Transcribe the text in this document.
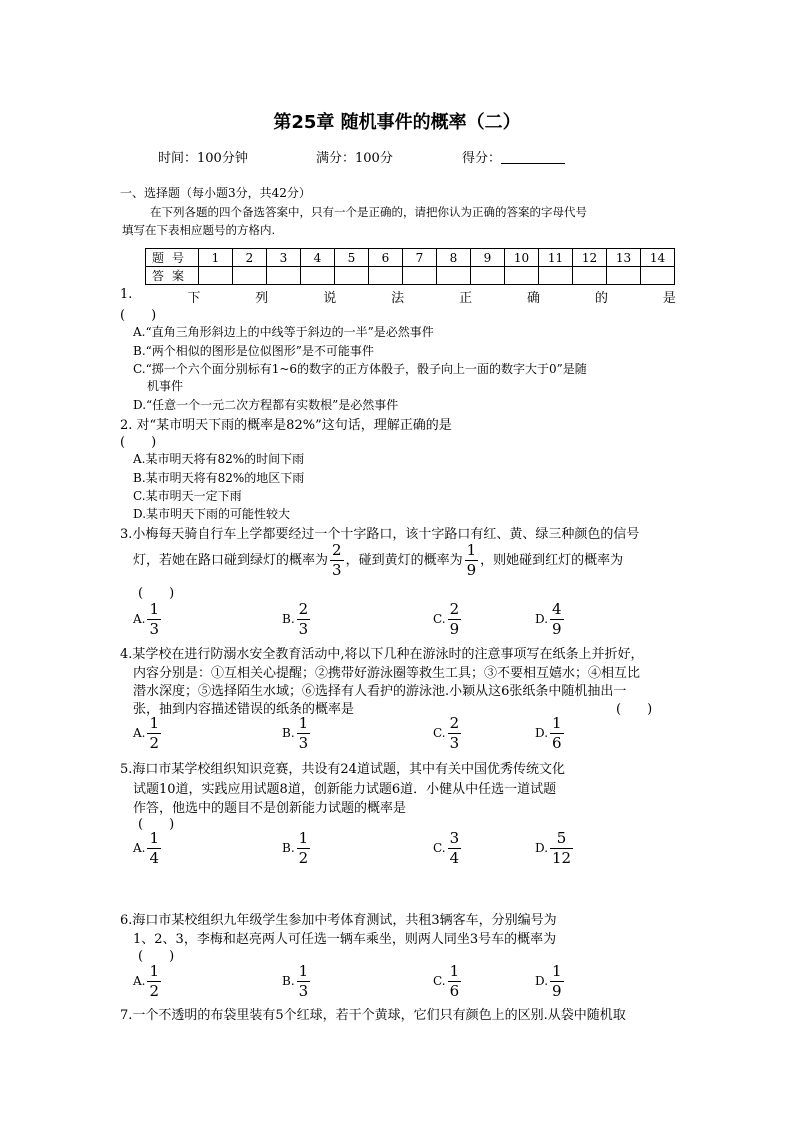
第25章 随机事件的概率（二）
时间：100分钟	满分：100分	得分：
一、选择题（每小题3分，共42分）
在下列各题的四个备选答案中，只有一个是正确的，请把你认为正确的答案的字母代号
填写在下表相应题号的方格内.
题号	1	2	3	4	5	6	7	8	9	10	11	12	13	14
答案														
1.	下	列	说	法	正	确	的	是
(　　)
A.“直角三角形斜边上的中线等于斜边的一半”是必然事件
B.“两个相似的图形是位似图形”是不可能事件
C.“掷一个六个面分别标有1~6的数字的正方体骰子，骰子向上一面的数字大于0”是随
机事件
D.“任意一个一元二次方程都有实数根”是必然事件
2. 对“某市明天下雨的概率是82%”这句话，理解正确的是
(　　)
A.某市明天将有82%的时间下雨
B.某市明天将有82%的地区下雨
C.某市明天一定下雨
D.某市明天下雨的可能性较大
3.小梅每天骑自行车上学都要经过一个十字路口，该十字路口有红、黄、绿三种颜色的信号
灯，若她在路口碰到绿灯的概率为 $\frac{2}{3}$ ，碰到黄灯的概率为 $\frac{1}{9}$ ，则她碰到红灯的概率为
(　　)
A. $\frac{1}{3}$	B. $\frac{2}{3}$	C. $\frac{2}{9}$	D. $\frac{4}{9}$
4.某学校在进行防溺水安全教育活动中,将以下几种在游泳时的注意事项写在纸条上并折好，
内容分别是：①互相关心提醒；②携带好游泳圈等救生工具；③不要相互嬉水；④相互比
潜水深度；⑤选择陌生水域；⑥选择有人看护的游泳池.小颖从这6张纸条中随机抽出一
张，抽到内容描述错误的纸条的概率是	(　　)
A. $\frac{1}{2}$	B. $\frac{1}{3}$	C. $\frac{2}{3}$	D. $\frac{1}{6}$
5.海口市某学校组织知识竞赛，共设有24道试题，其中有关中国优秀传统文化
试题10道，实践应用试题8道，创新能力试题6道．小健从中任选一道试题
作答，他选中的题目不是创新能力试题的概率是
(　　)
A. $\frac{1}{4}$	B. $\frac{1}{2}$	C. $\frac{3}{4}$	D. $\frac{5}{12}$
6.海口市某校组织九年级学生参加中考体育测试，共租3辆客车，分别编号为
1、2、3，李梅和赵亮两人可任选一辆车乘坐，则两人同坐3号车的概率为
(　　)
A. $\frac{1}{2}$	B. $\frac{1}{3}$	C. $\frac{1}{6}$	D. $\frac{1}{9}$
7.一个不透明的布袋里装有5个红球，若干个黄球，它们只有颜色上的区别.从袋中随机取
